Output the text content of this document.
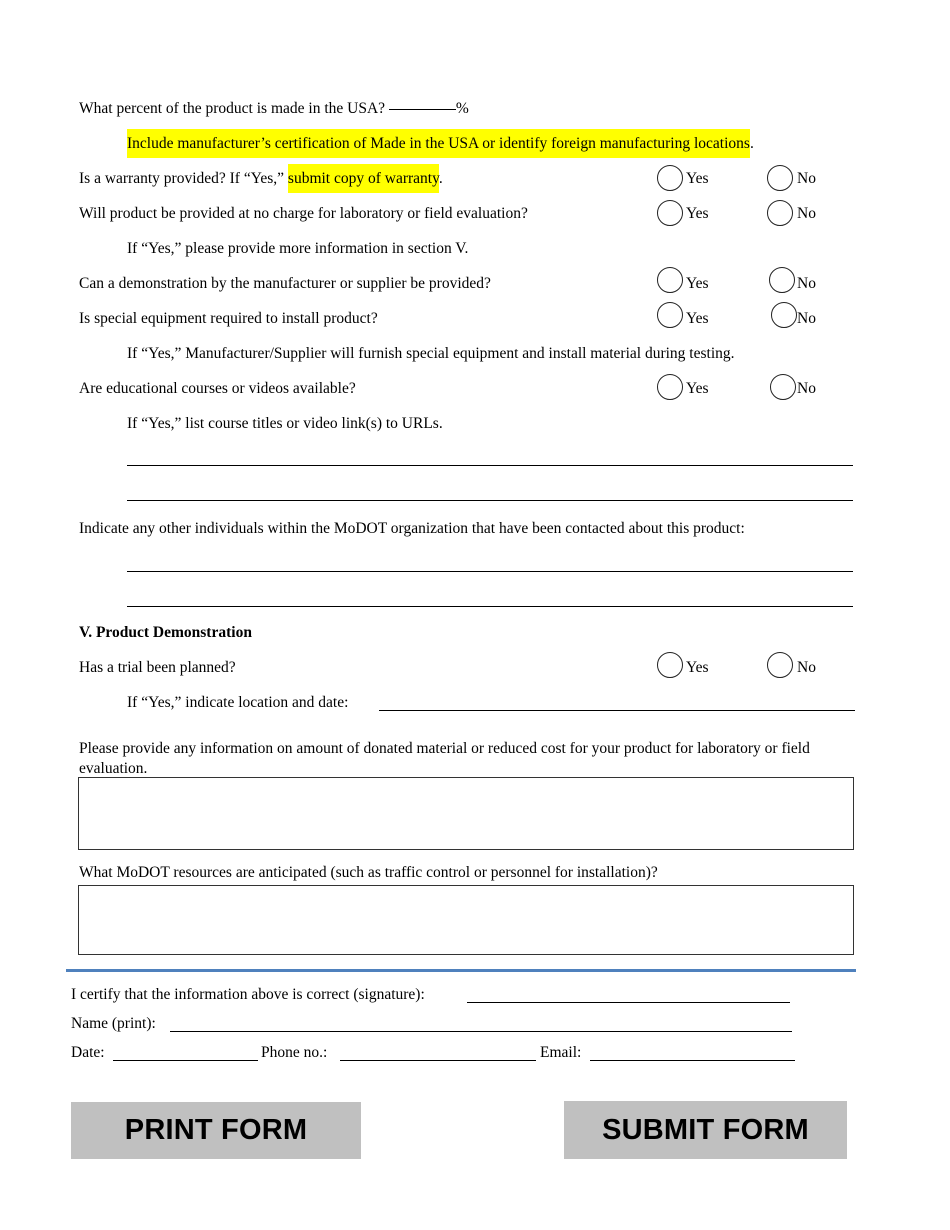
What percent of the product is made in the USA?	%
Include manufacturer’s certification of Made in the USA or identify foreign manufacturing locations.
Is a warranty provided? If “Yes,” submit copy of warranty.	Yes	No
Will product be provided at no charge for laboratory or field evaluation?	Yes	No
If “Yes,” please provide more information in section V.
Can a demonstration by the manufacturer or supplier be provided?	Yes	No
Is special equipment required to install product?	Yes	No
If “Yes,” Manufacturer/Supplier will furnish special equipment and install material during testing.
Are educational courses or videos available?	Yes	No
If “Yes,” list course titles or video link(s) to URLs.
Indicate any other individuals within the MoDOT organization that have been contacted about this product:
V. Product Demonstration
Has a trial been planned?	Yes	No
If “Yes,” indicate location and date:
Please provide any information on amount of donated material or reduced cost for your product for laboratory or field evaluation.
What MoDOT resources are anticipated (such as traffic control or personnel for installation)?
I certify that the information above is correct (signature):
Name (print):
Date:	Phone no.:	Email:
PRINT FORM	SUBMIT FORM
